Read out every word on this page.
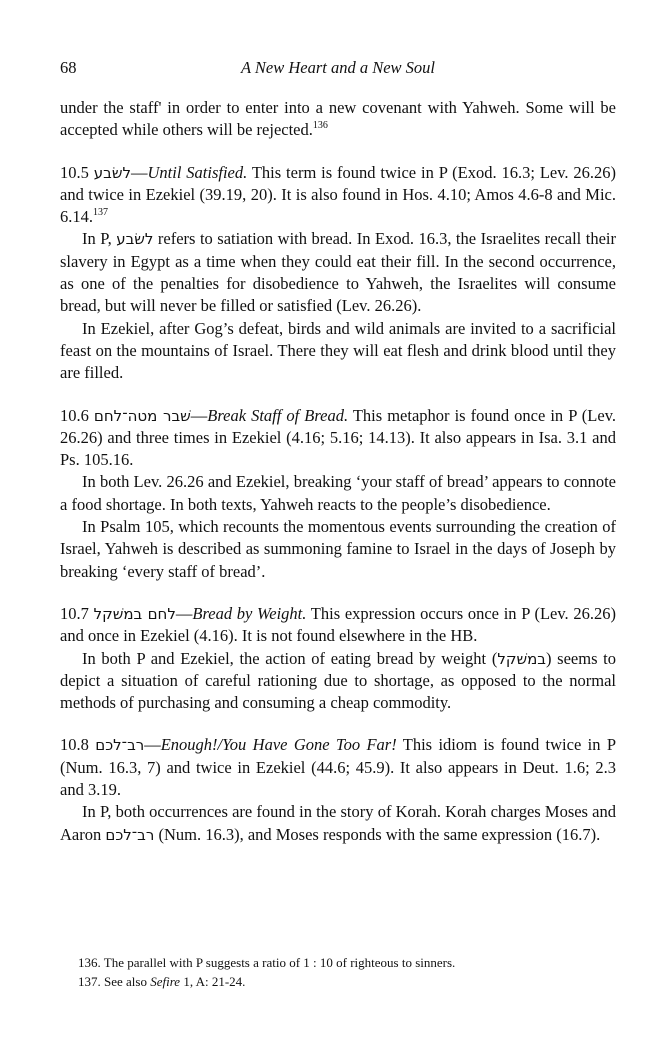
68	A New Heart and a New Soul

under the staff' in order to enter into a new covenant with Yahweh. Some will be accepted while others will be rejected.$^{136}$

10.5 לשׂבע—Until Satisfied. This term is found twice in P (Exod. 16.3; Lev. 26.26) and twice in Ezekiel (39.19, 20). It is also found in Hos. 4.10; Amos 4.6-8 and Mic. 6.14.$^{137}$

In P, לשׂבע refers to satiation with bread. In Exod. 16.3, the Israelites recall their slavery in Egypt as a time when they could eat their fill. In the second occurrence, as one of the penalties for disobedience to Yahweh, the Israelites will consume bread, but will never be filled or satisfied (Lev. 26.26).

In Ezekiel, after Gog’s defeat, birds and wild animals are invited to a sacrificial feast on the mountains of Israel. There they will eat flesh and drink blood until they are filled.

10.6 שׁבר מטה־לחם—Break Staff of Bread. This metaphor is found once in P (Lev. 26.26) and three times in Ezekiel (4.16; 5.16; 14.13). It also appears in Isa. 3.1 and Ps. 105.16.

In both Lev. 26.26 and Ezekiel, breaking ‘your staff of bread’ appears to connote a food shortage. In both texts, Yahweh reacts to the people’s disobedience.

In Psalm 105, which recounts the momentous events surrounding the creation of Israel, Yahweh is described as summoning famine to Israel in the days of Joseph by breaking ‘every staff of bread’.

10.7 לחם במשׁקל—Bread by Weight. This expression occurs once in P (Lev. 26.26) and once in Ezekiel (4.16). It is not found elsewhere in the HB.

In both P and Ezekiel, the action of eating bread by weight (במשׁקל) seems to depict a situation of careful rationing due to shortage, as opposed to the normal methods of purchasing and consuming a cheap commodity.

10.8 רב־לכם—Enough!/You Have Gone Too Far! This idiom is found twice in P (Num. 16.3, 7) and twice in Ezekiel (44.6; 45.9). It also appears in Deut. 1.6; 2.3 and 3.19.

In P, both occurrences are found in the story of Korah. Korah charges Moses and Aaron רב־לכם (Num. 16.3), and Moses responds with the same expression (16.7).

136. The parallel with P suggests a ratio of 1 : 10 of righteous to sinners.

137. See also Sefire 1, A: 21-24.
